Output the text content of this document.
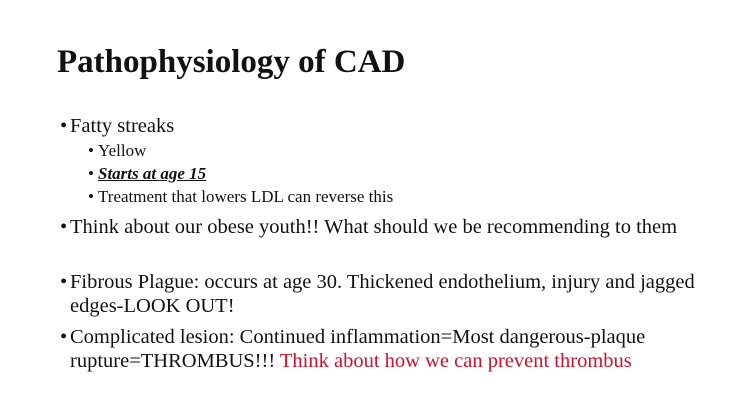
Pathophysiology of CAD
• Fatty streaks
• Yellow
• Starts at age 15
• Treatment that lowers LDL can reverse this
• Think about our obese youth!! What should we be recommending to them
• Fibrous Plague: occurs at age 30. Thickened endothelium, injury and jagged edges-LOOK OUT!
• Complicated lesion: Continued inflammation=Most dangerous-plaque rupture=THROMBUS!!! Think about how we can prevent thrombus
